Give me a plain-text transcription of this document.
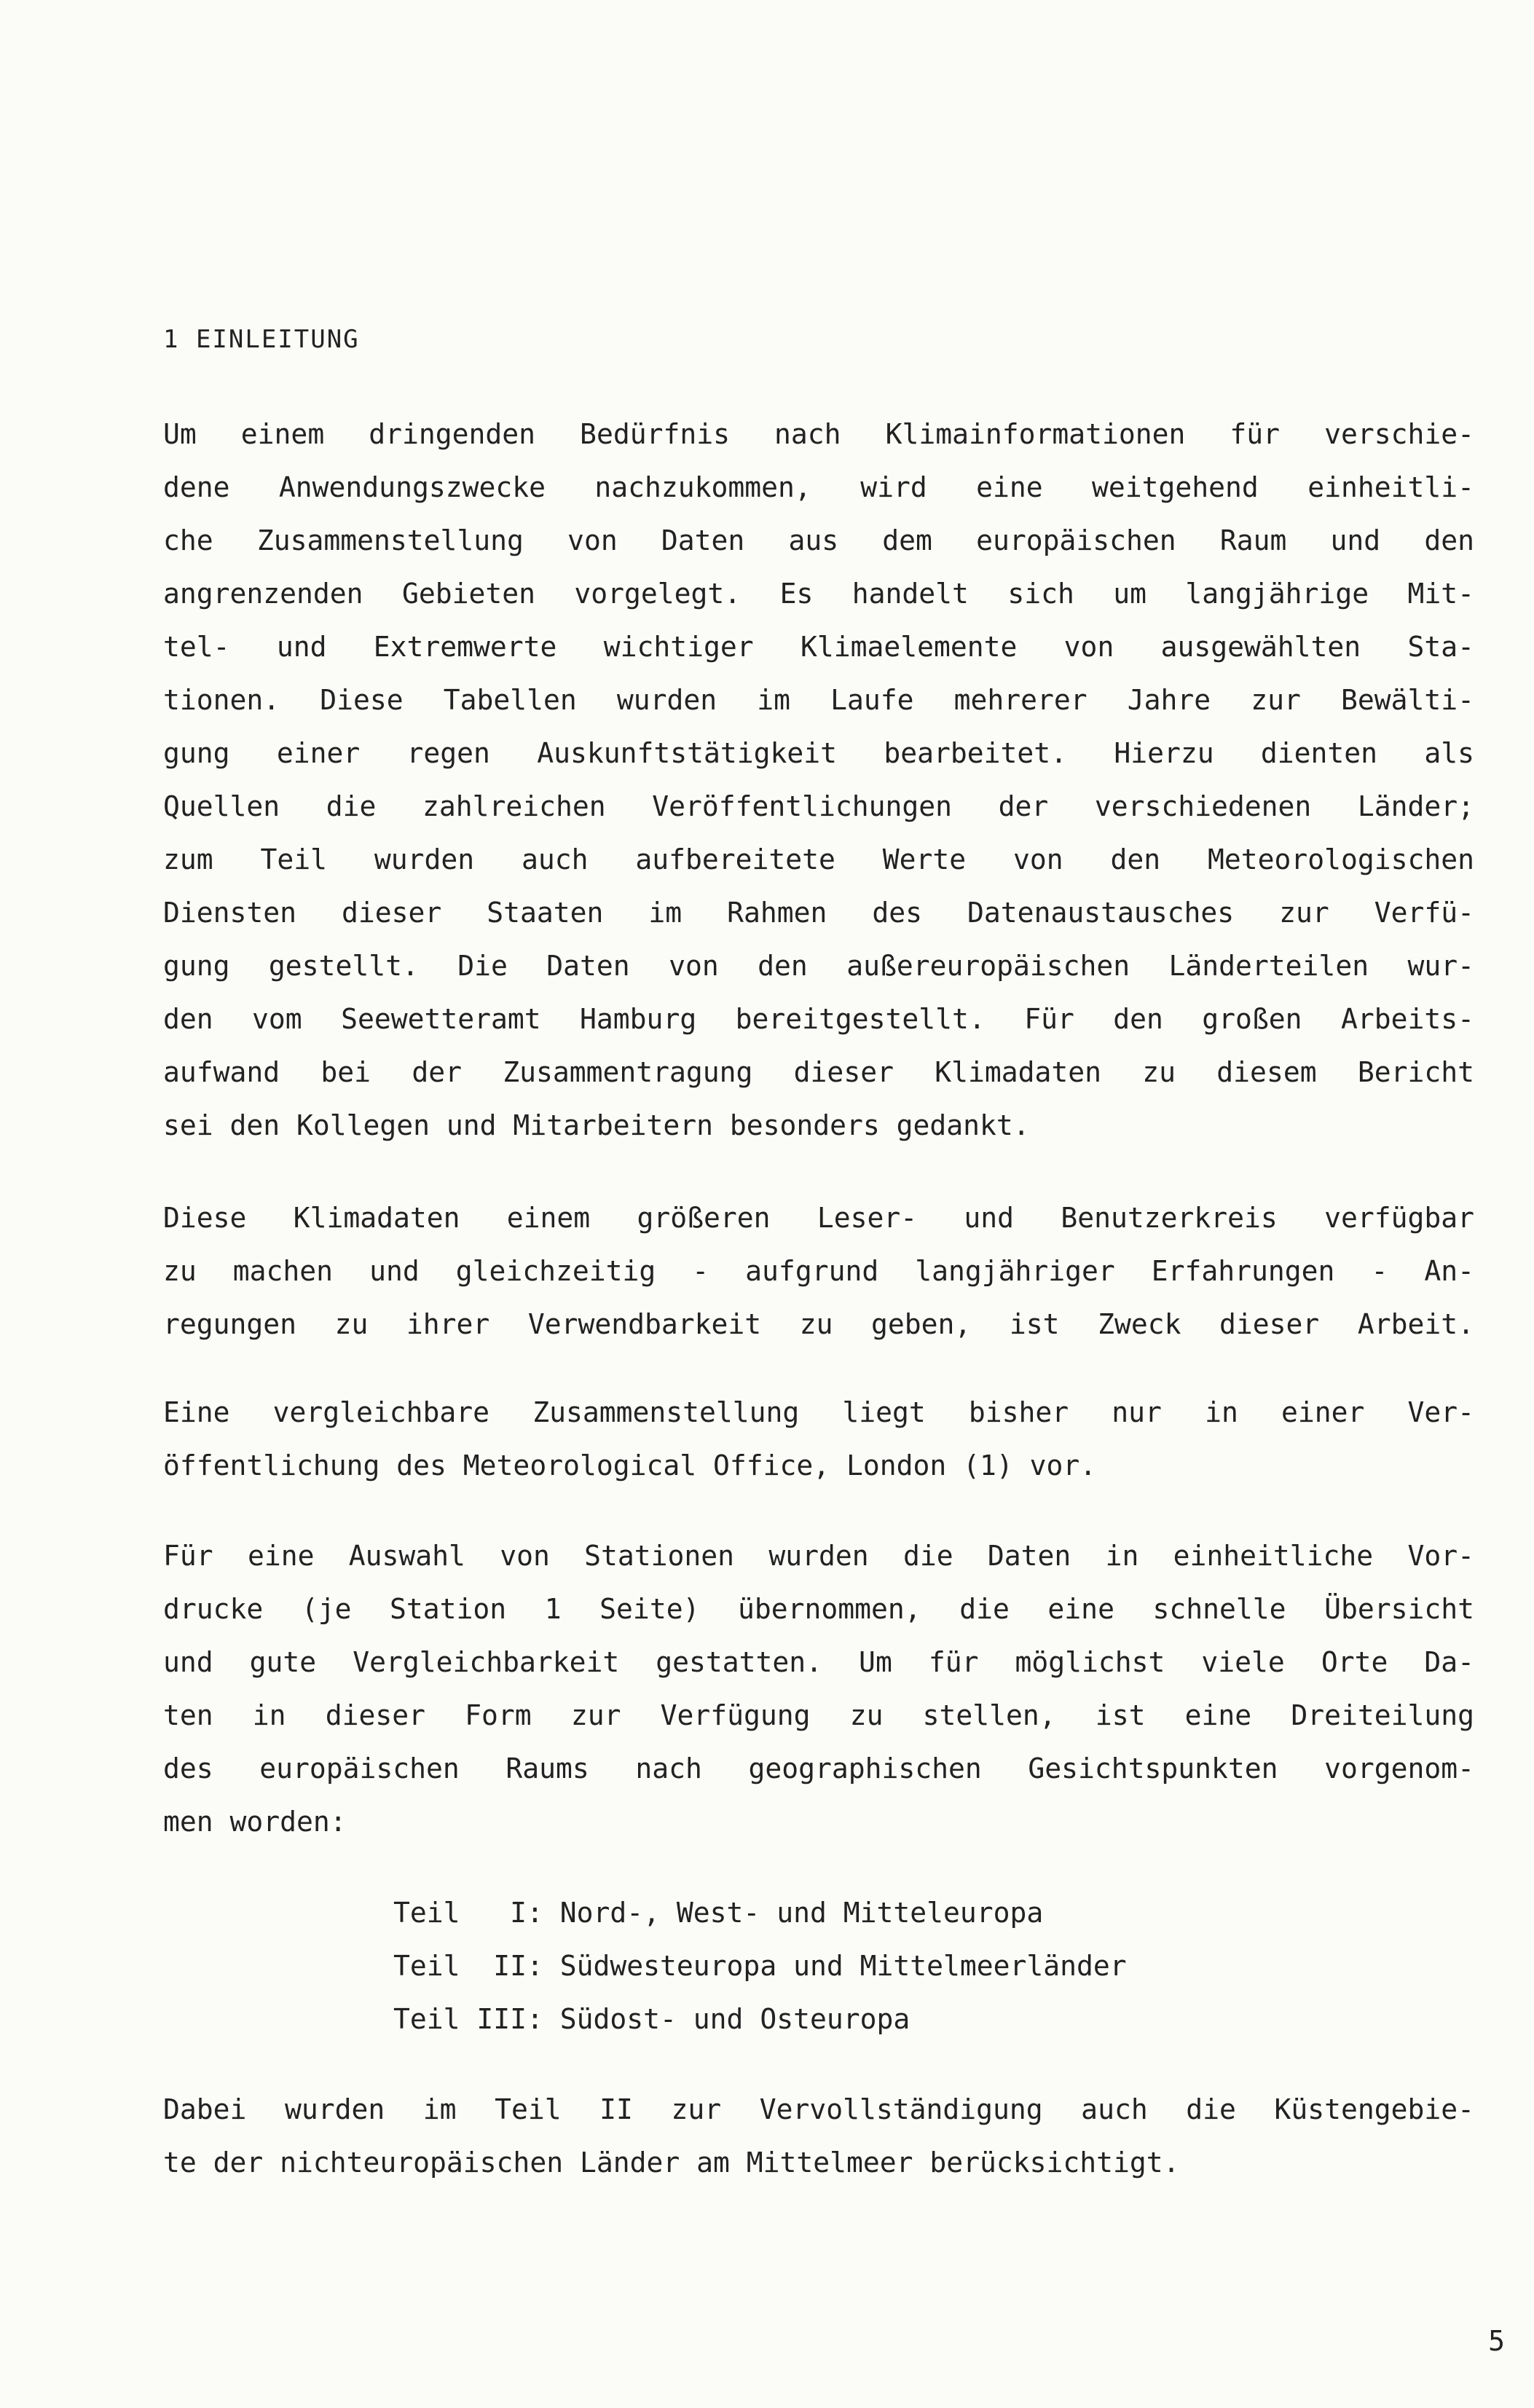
1 EINLEITUNG
Um einem dringenden Bedürfnis nach Klimainformationen für verschie-
dene Anwendungszwecke nachzukommen, wird eine weitgehend einheitli-
che Zusammenstellung von Daten aus dem europäischen Raum und den
angrenzenden Gebieten vorgelegt. Es handelt sich um langjährige Mit-
tel- und Extremwerte wichtiger Klimaelemente von ausgewählten Sta-
tionen. Diese Tabellen wurden im Laufe mehrerer Jahre zur Bewälti-
gung einer regen Auskunftstätigkeit bearbeitet. Hierzu dienten als
Quellen die zahlreichen Veröffentlichungen der verschiedenen Länder;
zum Teil wurden auch aufbereitete Werte von den Meteorologischen
Diensten dieser Staaten im Rahmen des Datenaustausches zur Verfü-
gung gestellt. Die Daten von den außereuropäischen Länderteilen wur-
den vom Seewetteramt Hamburg bereitgestellt. Für den großen Arbeits-
aufwand bei der Zusammentragung dieser Klimadaten zu diesem Bericht
sei den Kollegen und Mitarbeitern besonders gedankt.
Diese Klimadaten einem größeren Leser- und Benutzerkreis verfügbar
zu machen und gleichzeitig - aufgrund langjähriger Erfahrungen - An-
regungen zu ihrer Verwendbarkeit zu geben, ist Zweck dieser Arbeit.
Eine vergleichbare Zusammenstellung liegt bisher nur in einer Ver-
öffentlichung des Meteorological Office, London (1) vor.
Für eine Auswahl von Stationen wurden die Daten in einheitliche Vor-
drucke (je Station 1 Seite) übernommen, die eine schnelle Übersicht
und gute Vergleichbarkeit gestatten. Um für möglichst viele Orte Da-
ten in dieser Form zur Verfügung zu stellen, ist eine Dreiteilung
des europäischen Raums nach geographischen Gesichtspunkten vorgenom-
men worden:
Teil   I: Nord-, West- und Mitteleuropa
Teil  II: Südwesteuropa und Mittelmeerländer
Teil III: Südost- und Osteuropa
Dabei wurden im Teil II zur Vervollständigung auch die Küstengebie-
te der nichteuropäischen Länder am Mittelmeer berücksichtigt.
5
